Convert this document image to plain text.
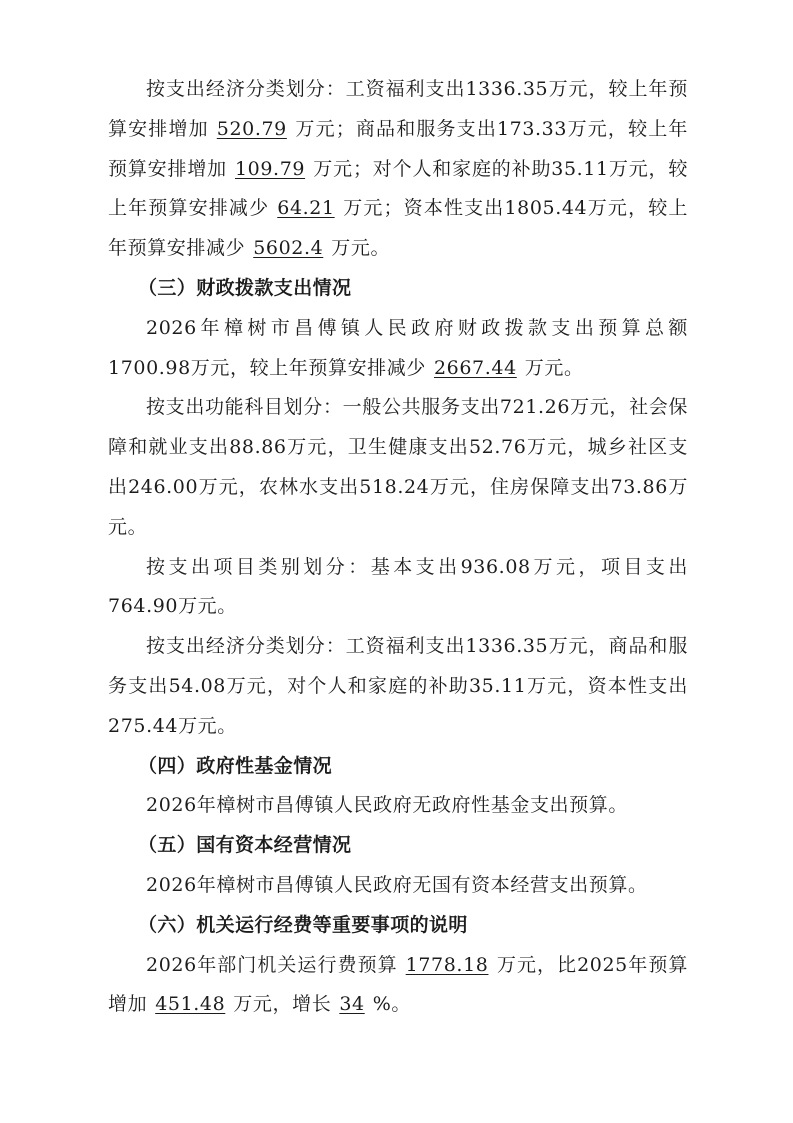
按支出经济分类划分：工资福利支出1336.35万元，较上年预算安排增加 520.79 万元；商品和服务支出173.33万元，较上年预算安排增加 109.79 万元；对个人和家庭的补助35.11万元，较上年预算安排减少 64.21 万元；资本性支出1805.44万元，较上年预算安排减少 5602.4 万元。

（三）财政拨款支出情况

2026年樟树市昌傅镇人民政府财政拨款支出预算总额1700.98万元，较上年预算安排减少 2667.44 万元。

按支出功能科目划分：一般公共服务支出721.26万元，社会保障和就业支出88.86万元，卫生健康支出52.76万元，城乡社区支出246.00万元，农林水支出518.24万元，住房保障支出73.86万元。

按支出项目类别划分：基本支出936.08万元，项目支出764.90万元。

按支出经济分类划分：工资福利支出1336.35万元，商品和服务支出54.08万元，对个人和家庭的补助35.11万元，资本性支出275.44万元。

（四）政府性基金情况

2026年樟树市昌傅镇人民政府无政府性基金支出预算。

（五）国有资本经营情况

2026年樟树市昌傅镇人民政府无国有资本经营支出预算。

（六）机关运行经费等重要事项的说明

2026年部门机关运行费预算 1778.18 万元，比2025年预算增加 451.48 万元，增长 34 %。
